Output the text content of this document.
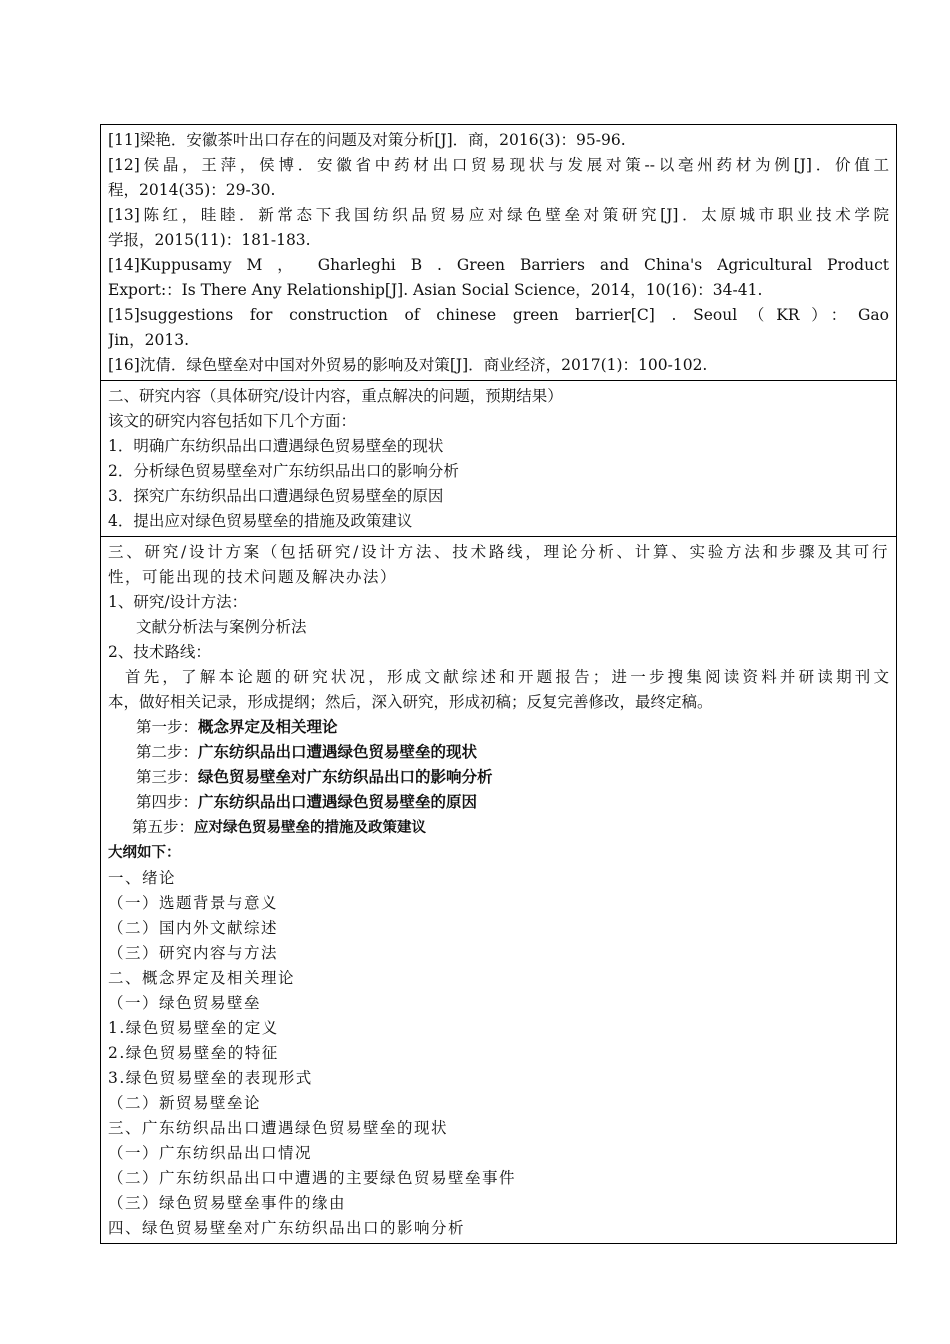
[11]梁艳．安徽茶叶出口存在的问题及对策分析[J]．商，2016(3)：95-96.
[12]侯晶，王萍，侯博．安徽省中药材出口贸易现状与发展对策--以亳州药材为例[J]．价值工
程，2014(35)：29-30.
[13]陈红，眭睦．新常态下我国纺织品贸易应对绿色壁垒对策研究[J]．太原城市职业技术学院
学报，2015(11)：181-183.
[14]Kuppusamy M ， Gharleghi B . Green Barriers and China's Agricultural Product
Export:：Is There Any Relationship[J]. Asian Social Science，2014，10(16)：34-41.
[15]suggestions for construction of chinese green barrier[C] . Seoul（KR）：Gao
Jin，2013.
[16]沈倩．绿色壁垒对中国对外贸易的影响及对策[J]．商业经济，2017(1)：100-102.
二、研究内容（具体研究/设计内容，重点解决的问题，预期结果）
该文的研究内容包括如下几个方面：
1．明确广东纺织品出口遭遇绿色贸易壁垒的现状
2．分析绿色贸易壁垒对广东纺织品出口的影响分析
3．探究广东纺织品出口遭遇绿色贸易壁垒的原因
4．提出应对绿色贸易壁垒的措施及政策建议
三、研究/设计方案（包括研究/设计方法、技术路线，理论分析、计算、实验方法和步骤及其可行
性，可能出现的技术问题及解决办法）
1、研究/设计方法：
文献分析法与案例分析法
2、技术路线：
首先，了解本论题的研究状况，形成文献综述和开题报告；进一步搜集阅读资料并研读期刊文
本，做好相关记录，形成提纲；然后，深入研究，形成初稿；反复完善修改，最终定稿。
第一步：概念界定及相关理论
第二步：广东纺织品出口遭遇绿色贸易壁垒的现状
第三步：绿色贸易壁垒对广东纺织品出口的影响分析
第四步：广东纺织品出口遭遇绿色贸易壁垒的原因
第五步：应对绿色贸易壁垒的措施及政策建议
大纲如下：
一、绪论
（一）选题背景与意义
（二）国内外文献综述
（三）研究内容与方法
二、概念界定及相关理论
（一）绿色贸易壁垒
1.绿色贸易壁垒的定义
2.绿色贸易壁垒的特征
3.绿色贸易壁垒的表现形式
（二）新贸易壁垒论
三、广东纺织品出口遭遇绿色贸易壁垒的现状
（一）广东纺织品出口情况
（二）广东纺织品出口中遭遇的主要绿色贸易壁垒事件
（三）绿色贸易壁垒事件的缘由
四、绿色贸易壁垒对广东纺织品出口的影响分析
